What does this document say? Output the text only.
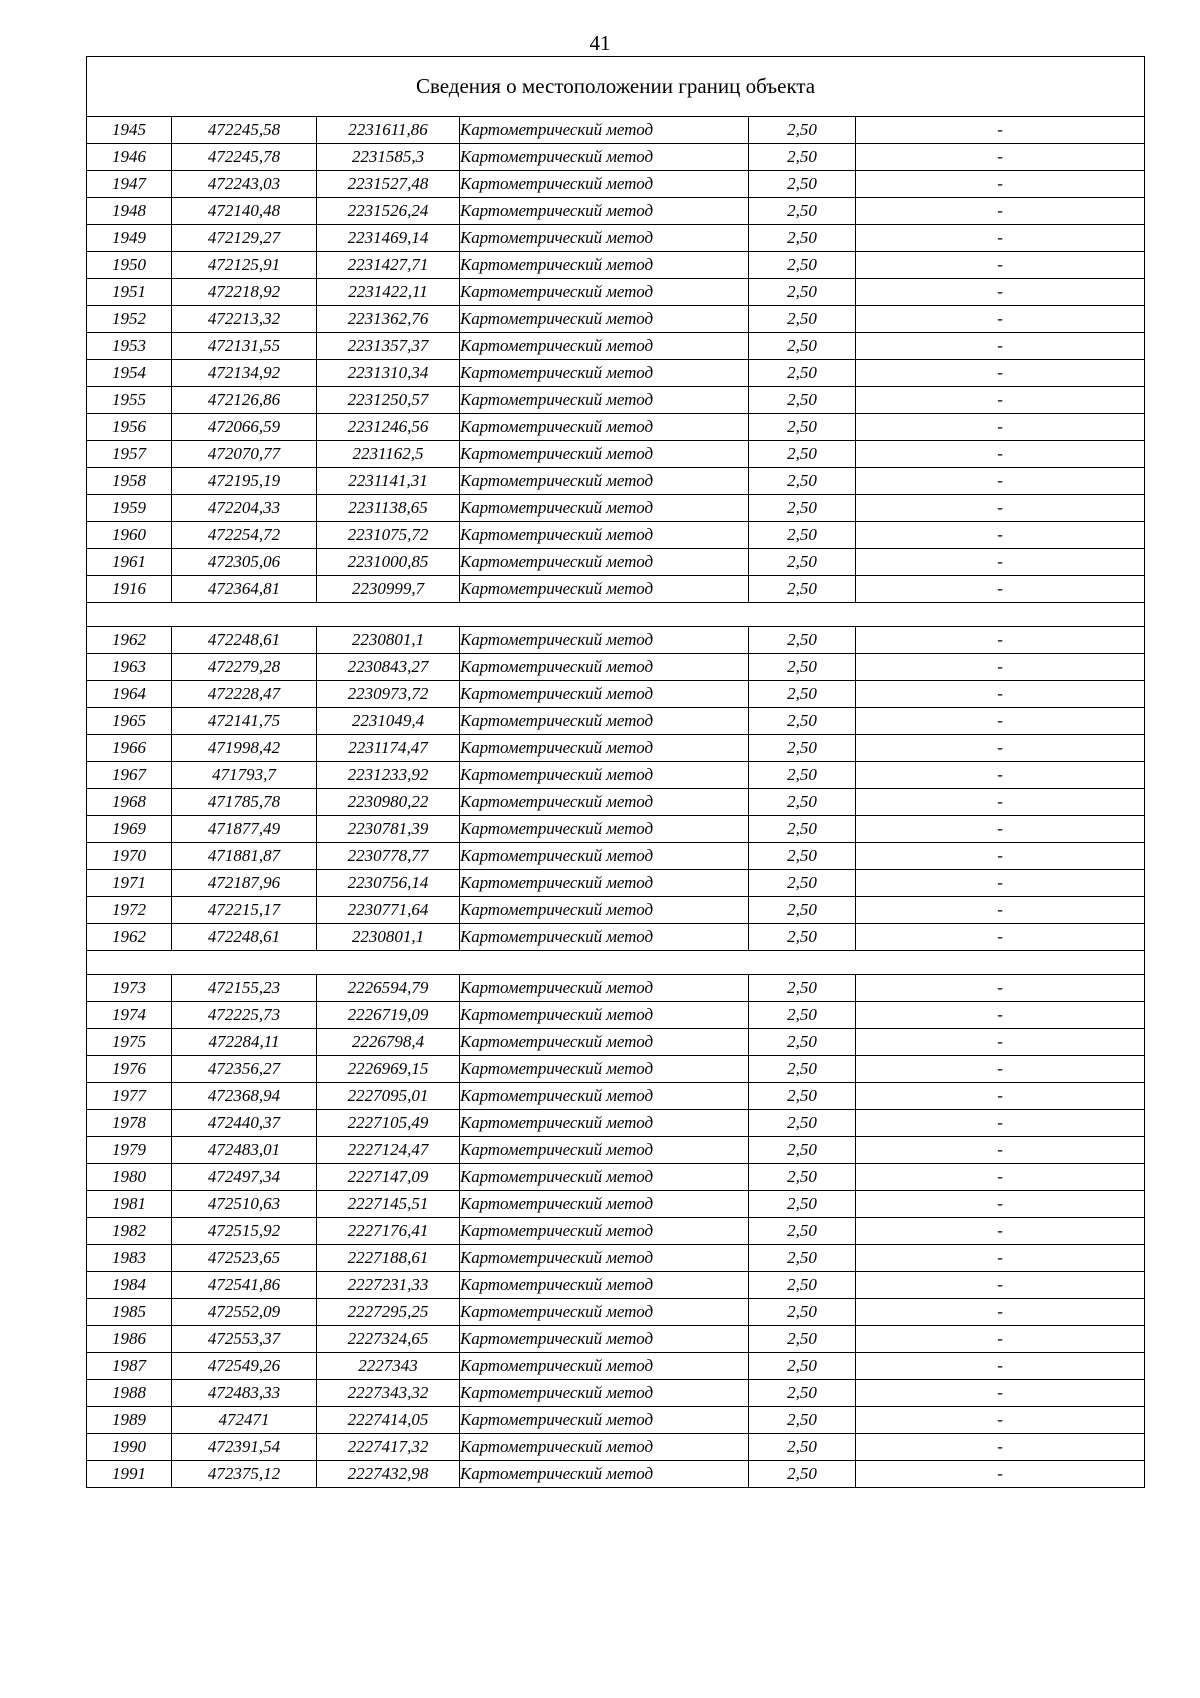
41
Сведения о местоположении границ объекта					
1945	472245,58	2231611,86	Картометрический метод	2,50	-
1946	472245,78	2231585,3	Картометрический метод	2,50	-
1947	472243,03	2231527,48	Картометрический метод	2,50	-
1948	472140,48	2231526,24	Картометрический метод	2,50	-
1949	472129,27	2231469,14	Картометрический метод	2,50	-
1950	472125,91	2231427,71	Картометрический метод	2,50	-
1951	472218,92	2231422,11	Картометрический метод	2,50	-
1952	472213,32	2231362,76	Картометрический метод	2,50	-
1953	472131,55	2231357,37	Картометрический метод	2,50	-
1954	472134,92	2231310,34	Картометрический метод	2,50	-
1955	472126,86	2231250,57	Картометрический метод	2,50	-
1956	472066,59	2231246,56	Картометрический метод	2,50	-
1957	472070,77	2231162,5	Картометрический метод	2,50	-
1958	472195,19	2231141,31	Картометрический метод	2,50	-
1959	472204,33	2231138,65	Картометрический метод	2,50	-
1960	472254,72	2231075,72	Картометрический метод	2,50	-
1961	472305,06	2231000,85	Картометрический метод	2,50	-
1916	472364,81	2230999,7	Картометрический метод	2,50	-

1962	472248,61	2230801,1	Картометрический метод	2,50	-
1963	472279,28	2230843,27	Картометрический метод	2,50	-
1964	472228,47	2230973,72	Картометрический метод	2,50	-
1965	472141,75	2231049,4	Картометрический метод	2,50	-
1966	471998,42	2231174,47	Картометрический метод	2,50	-
1967	471793,7	2231233,92	Картометрический метод	2,50	-
1968	471785,78	2230980,22	Картометрический метод	2,50	-
1969	471877,49	2230781,39	Картометрический метод	2,50	-
1970	471881,87	2230778,77	Картометрический метод	2,50	-
1971	472187,96	2230756,14	Картометрический метод	2,50	-
1972	472215,17	2230771,64	Картометрический метод	2,50	-
1962	472248,61	2230801,1	Картометрический метод	2,50	-

1973	472155,23	2226594,79	Картометрический метод	2,50	-
1974	472225,73	2226719,09	Картометрический метод	2,50	-
1975	472284,11	2226798,4	Картометрический метод	2,50	-
1976	472356,27	2226969,15	Картометрический метод	2,50	-
1977	472368,94	2227095,01	Картометрический метод	2,50	-
1978	472440,37	2227105,49	Картометрический метод	2,50	-
1979	472483,01	2227124,47	Картометрический метод	2,50	-
1980	472497,34	2227147,09	Картометрический метод	2,50	-
1981	472510,63	2227145,51	Картометрический метод	2,50	-
1982	472515,92	2227176,41	Картометрический метод	2,50	-
1983	472523,65	2227188,61	Картометрический метод	2,50	-
1984	472541,86	2227231,33	Картометрический метод	2,50	-
1985	472552,09	2227295,25	Картометрический метод	2,50	-
1986	472553,37	2227324,65	Картометрический метод	2,50	-
1987	472549,26	2227343	Картометрический метод	2,50	-
1988	472483,33	2227343,32	Картометрический метод	2,50	-
1989	472471	2227414,05	Картометрический метод	2,50	-
1990	472391,54	2227417,32	Картометрический метод	2,50	-
1991	472375,12	2227432,98	Картометрический метод	2,50	-
